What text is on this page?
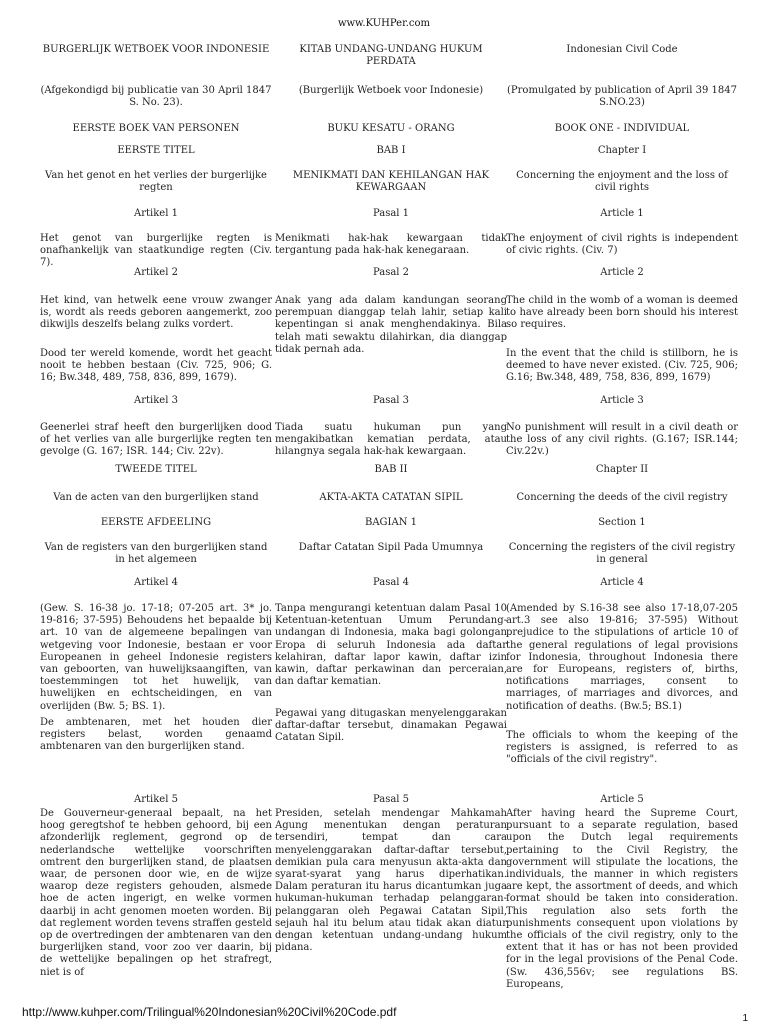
www.KUHPer.com
BURGERLIJK WETBOEK VOOR INDONESIE
(Afgekondigd bij publicatie van 30 April 1847 S. No. 23).
EERSTE BOEK VAN PERSONEN
EERSTE TITEL
Van het genot en het verlies der burgerlijke regten
Artikel 1
Het genot van burgerlijke regten is onafhankelijk van staatkundige regten (Civ. 7).
Artikel 2
Het kind, van hetwelk eene vrouw zwanger is, wordt als reeds geboren aangemerkt, zoo dikwijls deszelfs belang zulks vordert.
Dood ter wereld komende, wordt het geacht nooit te hebben bestaan (Civ. 725, 906; G. 16; Bw.348, 489, 758, 836, 899, 1679).
Artikel 3
Geenerlei straf heeft den burgerlijken dood of het verlies van alle burgerlijke regten ten gevolge (G. 167; ISR. 144; Civ. 22v).
TWEEDE TITEL
Van de acten van den burgerlijken stand
EERSTE AFDEELING
Van de registers van den burgerlijken stand in het algemeen
Artikel 4
(Gew. S. 16-38 jo. 17-18; 07-205 art. 3* jo. 19-816; 37-595) Behoudens het bepaalde bij art. 10 van de algemeene bepalingen van wetgeving voor Indonesie, bestaan er voor Europeanen in geheel Indonesie registers van geboorten, van huwelijksaangiften, van toestemmingen tot het huwelijk, van huwelijken en echtscheidingen, en van overlijden (Bw. 5; BS. 1).
De ambtenaren, met het houden dier registers belast, worden genaamd ambtenaren van den burgerlijken stand.
Artikel 5
De Gouverneur-generaal bepaalt, na het hoog geregtshof te hebben gehoord, bij een afzonderlijk reglement, gegrond op de nederlandsche wettelijke voorschriften omtrent den burgerlijken stand, de plaatsen waar, de personen door wie, en de wijze waarop deze registers gehouden, alsmede hoe de acten ingerigt, en welke vormen daarbij in acht genomen moeten worden. Bij dat reglement worden tevens straffen gesteld op de overtredingen der ambtenaren van den burgerlijken stand, voor zoo ver daarin, bij de wettelijke bepalingen op het strafregt, niet is of
KITAB UNDANG-UNDANG HUKUM PERDATA
(Burgerlijk Wetboek voor Indonesie)
BUKU KESATU - ORANG
BAB I
MENIKMATI DAN KEHILANGAN HAK KEWARGAAN
Pasal 1
Menikmati hak-hak kewargaan tidak tergantung pada hak-hak kenegaraan.
Pasal 2
Anak yang ada dalam kandungan seorang perempuan dianggap telah lahir, setiap kali kepentingan si anak menghendakinya. Bila telah mati sewaktu dilahirkan, dia dianggap tidak pernah ada.
Pasal 3
Tiada suatu hukuman pun yang mengakibatkan kematian perdata, atau hilangnya segala hak-hak kewargaan.
BAB II
AKTA-AKTA CATATAN SIPIL
BAGIAN 1
Daftar Catatan Sipil Pada Umumnya
Pasal 4
Tanpa mengurangi ketentuan dalam Pasal 10 Ketentuan-ketentuan Umum Perundang-undangan di Indonesia, maka bagi golongan Eropa di seluruh Indonesia ada daftar kelahiran, daftar lapor kawin, daftar izin kawin, daftar perkawinan dan perceraian, dan daftar kematian.
Pegawai yang ditugaskan menyelenggarakan daftar-daftar tersebut, dinamakan Pegawai Catatan Sipil.
Pasal 5
Presiden, setelah mendengar Mahkamah Agung menentukan dengan peraturan tersendiri, tempat dan cara menyelenggarakan daftar-daftar tersebut, demikian pula cara menyusun akta-akta dan syarat-syarat yang harus diperhatikan. Dalam peraturan itu harus dicantumkan juga hukuman-hukuman terhadap pelanggaran-pelanggaran oleh Pegawai Catatan Sipil, sejauh hal itu belum atau tidak akan diatur dengan ketentuan undang-undang hukum pidana.
Indonesian Civil Code
(Promulgated by publication of April 39 1847 S.NO.23)
BOOK ONE - INDIVIDUAL
Chapter I
Concerning the enjoyment and the loss of civil rights
Article 1
The enjoyment of civil rights is independent of civic rights. (Civ. 7)
Article 2
The child in the womb of a woman is deemed to have already been born should his interest so requires.
In the event that the child is stillborn, he is deemed to have never existed. (Civ. 725, 906; G.16; Bw.348, 489, 758, 836, 899, 1679)
Article 3
No punishment will result in a civil death or the loss of any civil rights. (G.167; ISR.144; Civ.22v.)
Chapter II
Concerning the deeds of the civil registry
Section 1
Concerning the registers of the civil registry in general
Article 4
(Amended by S.16-38 see also 17-18,07-205 art.3 see also 19-816; 37-595) Without prejudice to the stipulations of article 10 of the general regulations of legal provisions for Indonesia, throughout Indonesia there are for Europeans, registers of, births, notifications marriages, consent to marriages, of marriages and divorces, and notification of deaths. (Bw.5; BS.1)
The officials to whom the keeping of the registers is assigned, is referred to as "officials of the civil registry".
Article 5
After having heard the Supreme Court, pursuant to a separate regulation, based upon the Dutch legal requirements pertaining to the Civil Registry, the government will stipulate the locations, the individuals, the manner in which registers are kept, the assortment of deeds, and which format should be taken into consideration. This regulation also sets forth the punishments consequent upon violations by the officials of the civil registry, only to the extent that it has or has not been provided for in the legal provisions of the Penal Code. (Sw. 436,556v; see regulations BS. Europeans,
http://www.kuhper.com/Trilingual%20Indonesian%20Civil%20Code.pdf	1
